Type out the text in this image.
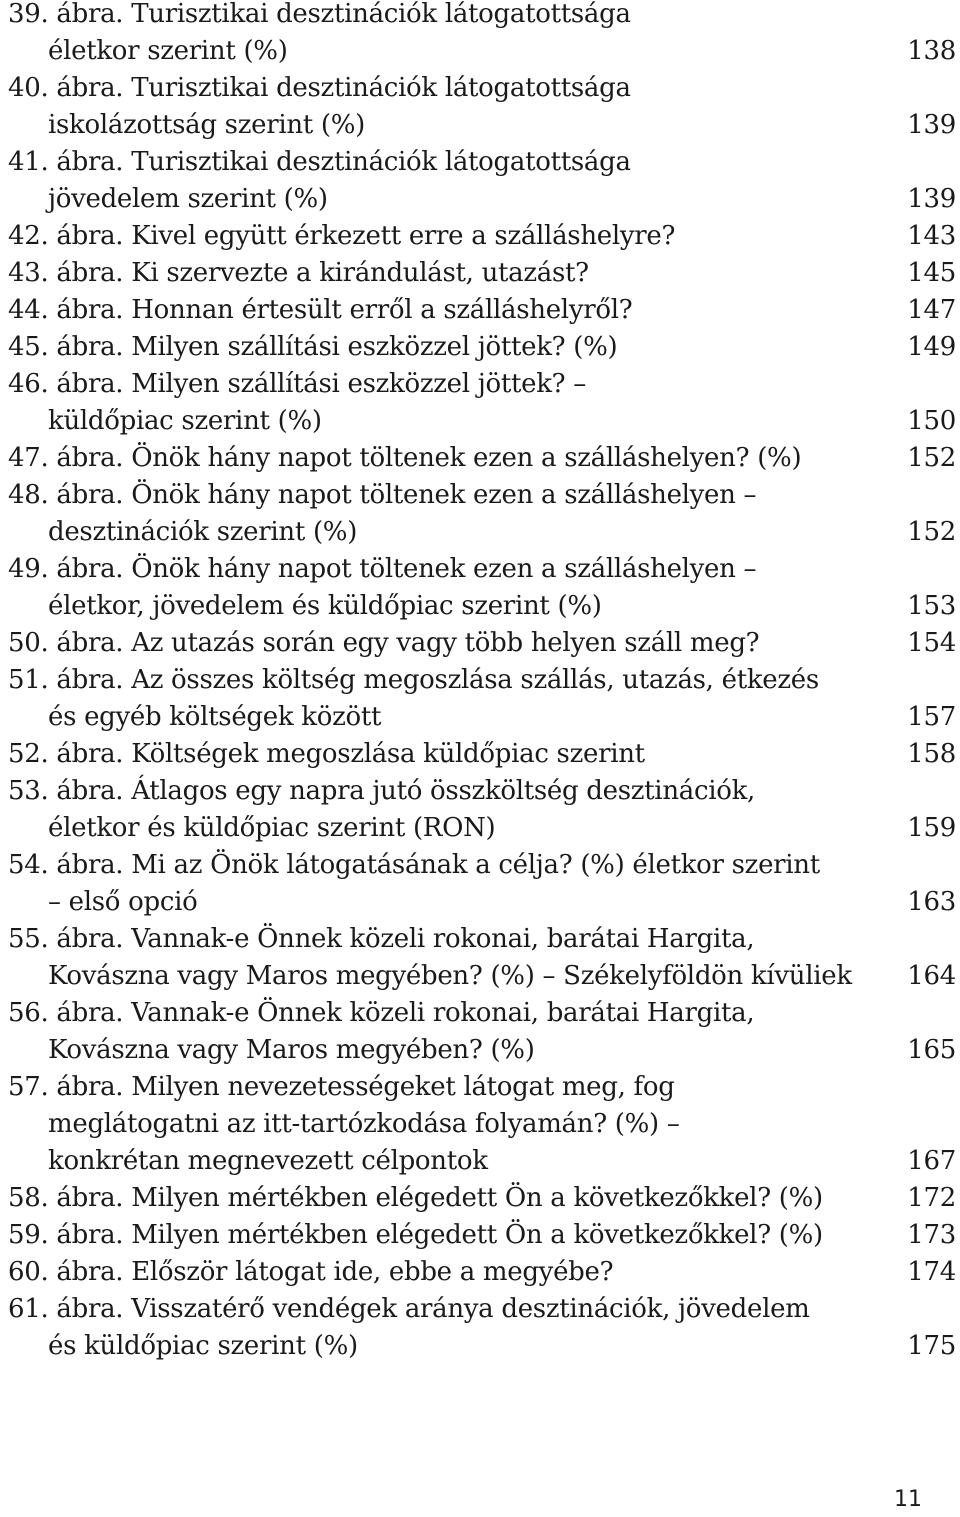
39. ábra. Turisztikai desztinációk látogatottsága
életkor szerint (%)	138
40. ábra. Turisztikai desztinációk látogatottsága
iskolázottság szerint (%)	139
41. ábra. Turisztikai desztinációk látogatottsága
jövedelem szerint (%)	139
42. ábra. Kivel együtt érkezett erre a szálláshelyre?	143
43. ábra. Ki szervezte a kirándulást, utazást?	145
44. ábra. Honnan értesült erről a szálláshelyről?	147
45. ábra. Milyen szállítási eszközzel jöttek? (%)	149
46. ábra. Milyen szállítási eszközzel jöttek? –
küldőpiac szerint (%)	150
47. ábra. Önök hány napot töltenek ezen a szálláshelyen? (%)	152
48. ábra. Önök hány napot töltenek ezen a szálláshelyen –
desztinációk szerint (%)	152
49. ábra. Önök hány napot töltenek ezen a szálláshelyen –
életkor, jövedelem és küldőpiac szerint (%)	153
50. ábra. Az utazás során egy vagy több helyen száll meg?	154
51. ábra. Az összes költség megoszlása szállás, utazás, étkezés
és egyéb költségek között	157
52. ábra. Költségek megoszlása küldőpiac szerint	158
53. ábra. Átlagos egy napra jutó összköltség desztinációk,
életkor és küldőpiac szerint (RON)	159
54. ábra. Mi az Önök látogatásának a célja? (%) életkor szerint
– első opció	163
55. ábra. Vannak-e Önnek közeli rokonai, barátai Hargita,
Kovászna vagy Maros megyében? (%) – Székelyföldön kívüliek	164
56. ábra. Vannak-e Önnek közeli rokonai, barátai Hargita,
Kovászna vagy Maros megyében? (%)	165
57. ábra. Milyen nevezetességeket látogat meg, fog
meglátogatni az itt-tartózkodása folyamán? (%) –
konkrétan megnevezett célpontok	167
58. ábra. Milyen mértékben elégedett Ön a következőkkel? (%)	172
59. ábra. Milyen mértékben elégedett Ön a következőkkel? (%)	173
60. ábra. Először látogat ide, ebbe a megyébe?	174
61. ábra. Visszatérő vendégek aránya desztinációk, jövedelem
és küldőpiac szerint (%)	175
11
